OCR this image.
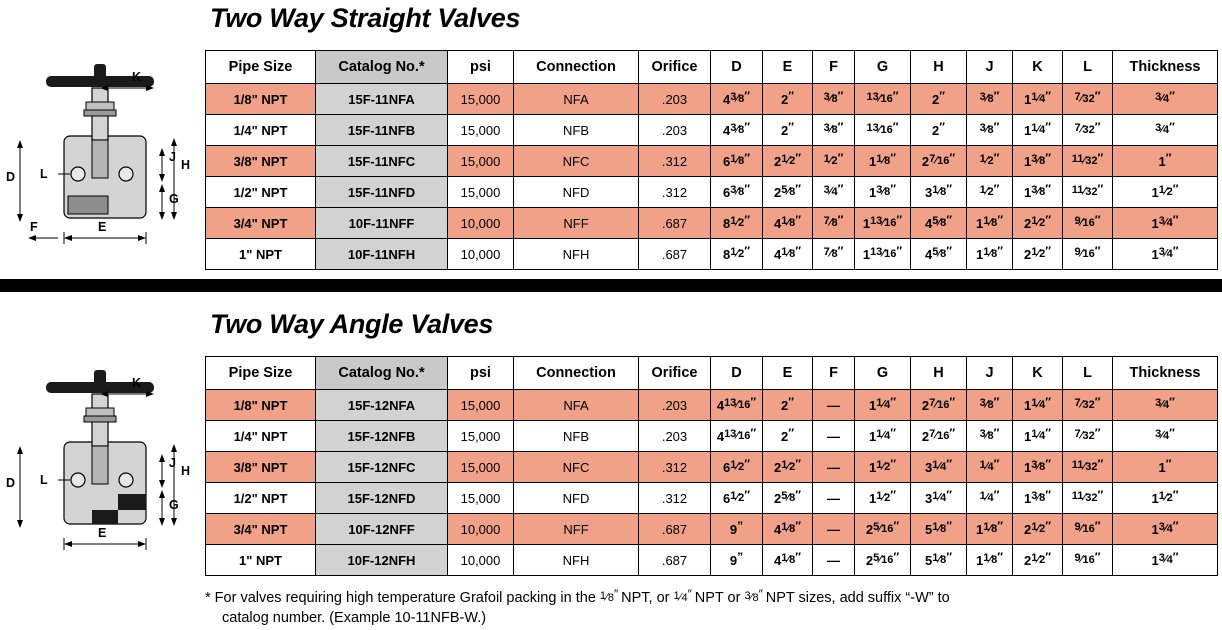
D L
F	E
G
H
J
K
Two Way Straight Valves
Pipe Size	Catalog No.*	psi	Connection	Orifice	D	E	F	G	H	J	K	L	Thickness
1/8" NPT	15F-11NFA	15,000	NFA	.203	$4^3⁄_8''$	2″	$^3⁄_8''$	$^{13}⁄_{16}''$	2″	$^3⁄_8''$	$1^1⁄_4''$	$^7⁄_{32}''$	$^3⁄_4''$
1/4" NPT	15F-11NFB	15,000	NFB	.203	$4^3⁄_8''$	2″	$^3⁄_8''$	$^{13}⁄_{16}''$	2″	$^3⁄_8''$	$1^1⁄_4''$	$^7⁄_{32}''$	$^3⁄_4''$
3/8" NPT	15F-11NFC	15,000	NFC	.312	$6^1⁄_8''$	$2^1⁄_2''$	$^1⁄_2''$	$1^1⁄_8''$	$2^7⁄_{16}''$	$^1⁄_2''$	$1^3⁄_8''$	$^{11}⁄_{32}''$	1″
1/2" NPT	15F-11NFD	15,000	NFD	.312	$6^3⁄_8''$	$2^5⁄_8''$	$^3⁄_4''$	$1^3⁄_8''$	$3^1⁄_8''$	$^1⁄_2''$	$1^3⁄_8''$	$^{11}⁄_{32}''$	$1^1⁄_2''$
3/4" NPT	10F-11NFF	10,000	NFF	.687	$8^1⁄_2''$	$4^1⁄_8''$	$^7⁄_8''$	$1^{13}⁄_{16}''$	$4^5⁄_8''$	$1^1⁄_8''$	$2^1⁄_2''$	$^9⁄_{16}''$	$1^3⁄_4''$
1" NPT	10F-11NFH	10,000	NFH	.687	$8^1⁄_2''$	$4^1⁄_8''$	$^7⁄_8''$	$1^{13}⁄_{16}''$	$4^5⁄_8''$	$1^1⁄_8''$	$2^1⁄_2''$	$^9⁄_{16}''$	$1^3⁄_4''$
D L
E
G
H
J
K
Two Way Angle Valves
Pipe Size	Catalog No.*	psi	Connection	Orifice	D	E	F	G	H	J	K	L	Thickness
1/8" NPT	15F-12NFA	15,000	NFA	.203	$4^{13}⁄_{16}''$	2″	—	$1^1⁄_4''$	$2^7⁄_{16}''$	$^3⁄_8''$	$1^1⁄_4''$	$^7⁄_{32}''$	$^3⁄_4''$
1/4" NPT	15F-12NFB	15,000	NFB	.203	$4^{13}⁄_{16}''$	2″	—	$1^1⁄_4''$	$2^7⁄_{16}''$	$^3⁄_8''$	$1^1⁄_4''$	$^7⁄_{32}''$	$^3⁄_4''$
3/8" NPT	15F-12NFC	15,000	NFC	.312	$6^1⁄_2''$	$2^1⁄_2''$	—	$1^1⁄_2''$	$3^1⁄_4''$	$^1⁄_4''$	$1^3⁄_8''$	$^{11}⁄_{32}''$	1″
1/2" NPT	15F-12NFD	15,000	NFD	.312	$6^1⁄_2''$	$2^5⁄_8''$	—	$1^1⁄_2''$	$3^1⁄_4''$	$^1⁄_4''$	$1^3⁄_8''$	$^{11}⁄_{32}''$	$1^1⁄_2''$
3/4" NPT	10F-12NFF	10,000	NFF	.687	9”	$4^1⁄_8''$	—	$2^5⁄_{16}''$	$5^1⁄_8''$	$1^1⁄_8''$	$2^1⁄_2''$	$^9⁄_{16}''$	$1^3⁄_4''$
1" NPT	10F-12NFH	10,000	NFH	.687	9”	$4^1⁄_8''$	—	$2^5⁄_{16}''$	$5^1⁄_8''$	$1^1⁄_8''$	$2^1⁄_2''$	$^9⁄_{16}''$	$1^3⁄_4''$
* For valves requiring high temperature Grafoil packing in the $^1⁄_8''$ NPT, or $^1⁄_4''$ NPT or $^3⁄_8''$ NPT sizes, add suffix “-W” to
catalog number. (Example 10-11NFB-W.)
